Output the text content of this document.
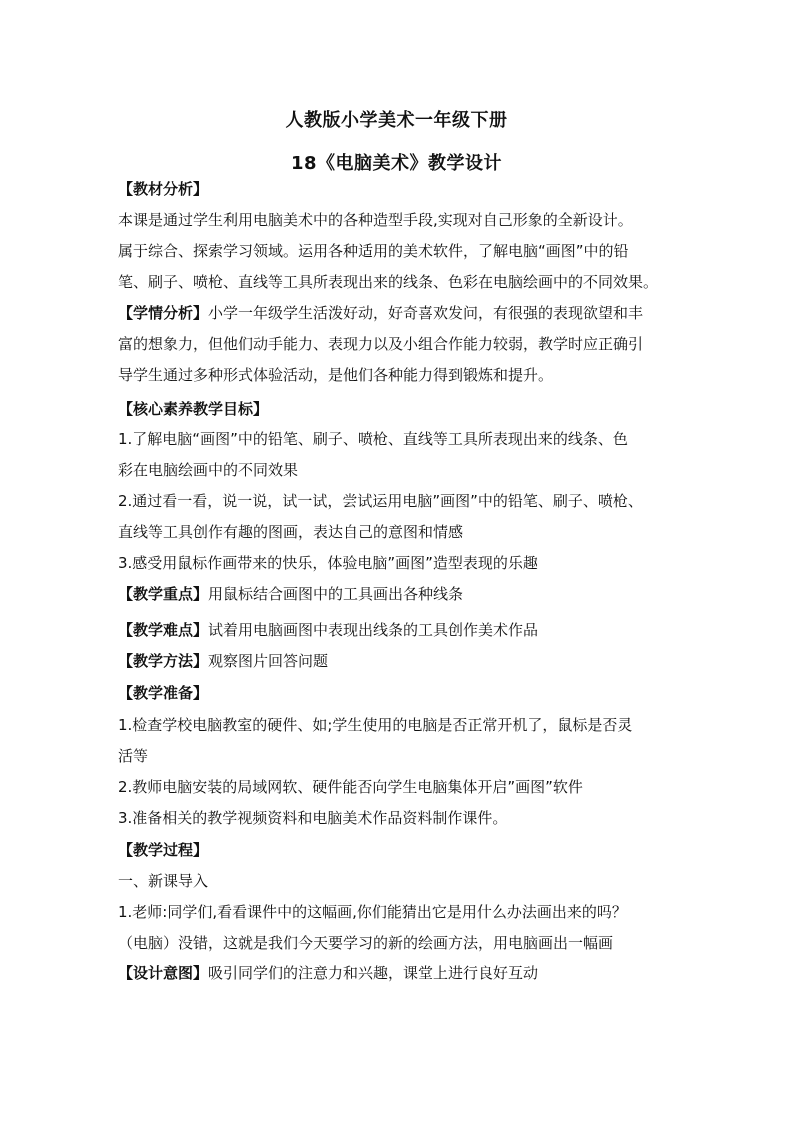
人教版小学美术一年级下册
18《电脑美术》教学设计
【教材分析】
本课是通过学生利用电脑美术中的各种造型手段,实现对自己形象的全新设计。
属于综合、探索学习领域。运用各种适用的美术软件，了解电脑“画图”中的铅
笔、刷子、喷枪、直线等工具所表现出来的线条、色彩在电脑绘画中的不同效果。
【学情分析】小学一年级学生活泼好动，好奇喜欢发问，有很强的表现欲望和丰
富的想象力，但他们动手能力、表现力以及小组合作能力较弱，教学时应正确引
导学生通过多种形式体验活动，是他们各种能力得到锻炼和提升。
【核心素养教学目标】
1.了解电脑“画图”中的铅笔、刷子、喷枪、直线等工具所表现出来的线条、色
彩在电脑绘画中的不同效果
2.通过看一看，说一说，试一试，尝试运用电脑”画图”中的铅笔、刷子、喷枪、
直线等工具创作有趣的图画，表达自己的意图和情感
3.感受用鼠标作画带来的快乐，体验电脑”画图”造型表现的乐趣
【教学重点】用鼠标结合画图中的工具画出各种线条
【教学难点】试着用电脑画图中表现出线条的工具创作美术作品
【教学方法】观察图片回答问题
【教学准备】
1.检查学校电脑教室的硬件、如;学生使用的电脑是否正常开机了，鼠标是否灵
活等
2.教师电脑安装的局域网软、硬件能否向学生电脑集体开启”画图”软件
3.准备相关的教学视频资料和电脑美术作品资料制作课件。
【教学过程】
一、新课导入
1.老师:同学们,看看课件中的这幅画,你们能猜出它是用什么办法画出来的吗？
（电脑）没错，这就是我们今天要学习的新的绘画方法，用电脑画出一幅画
【设计意图】吸引同学们的注意力和兴趣，课堂上进行良好互动
